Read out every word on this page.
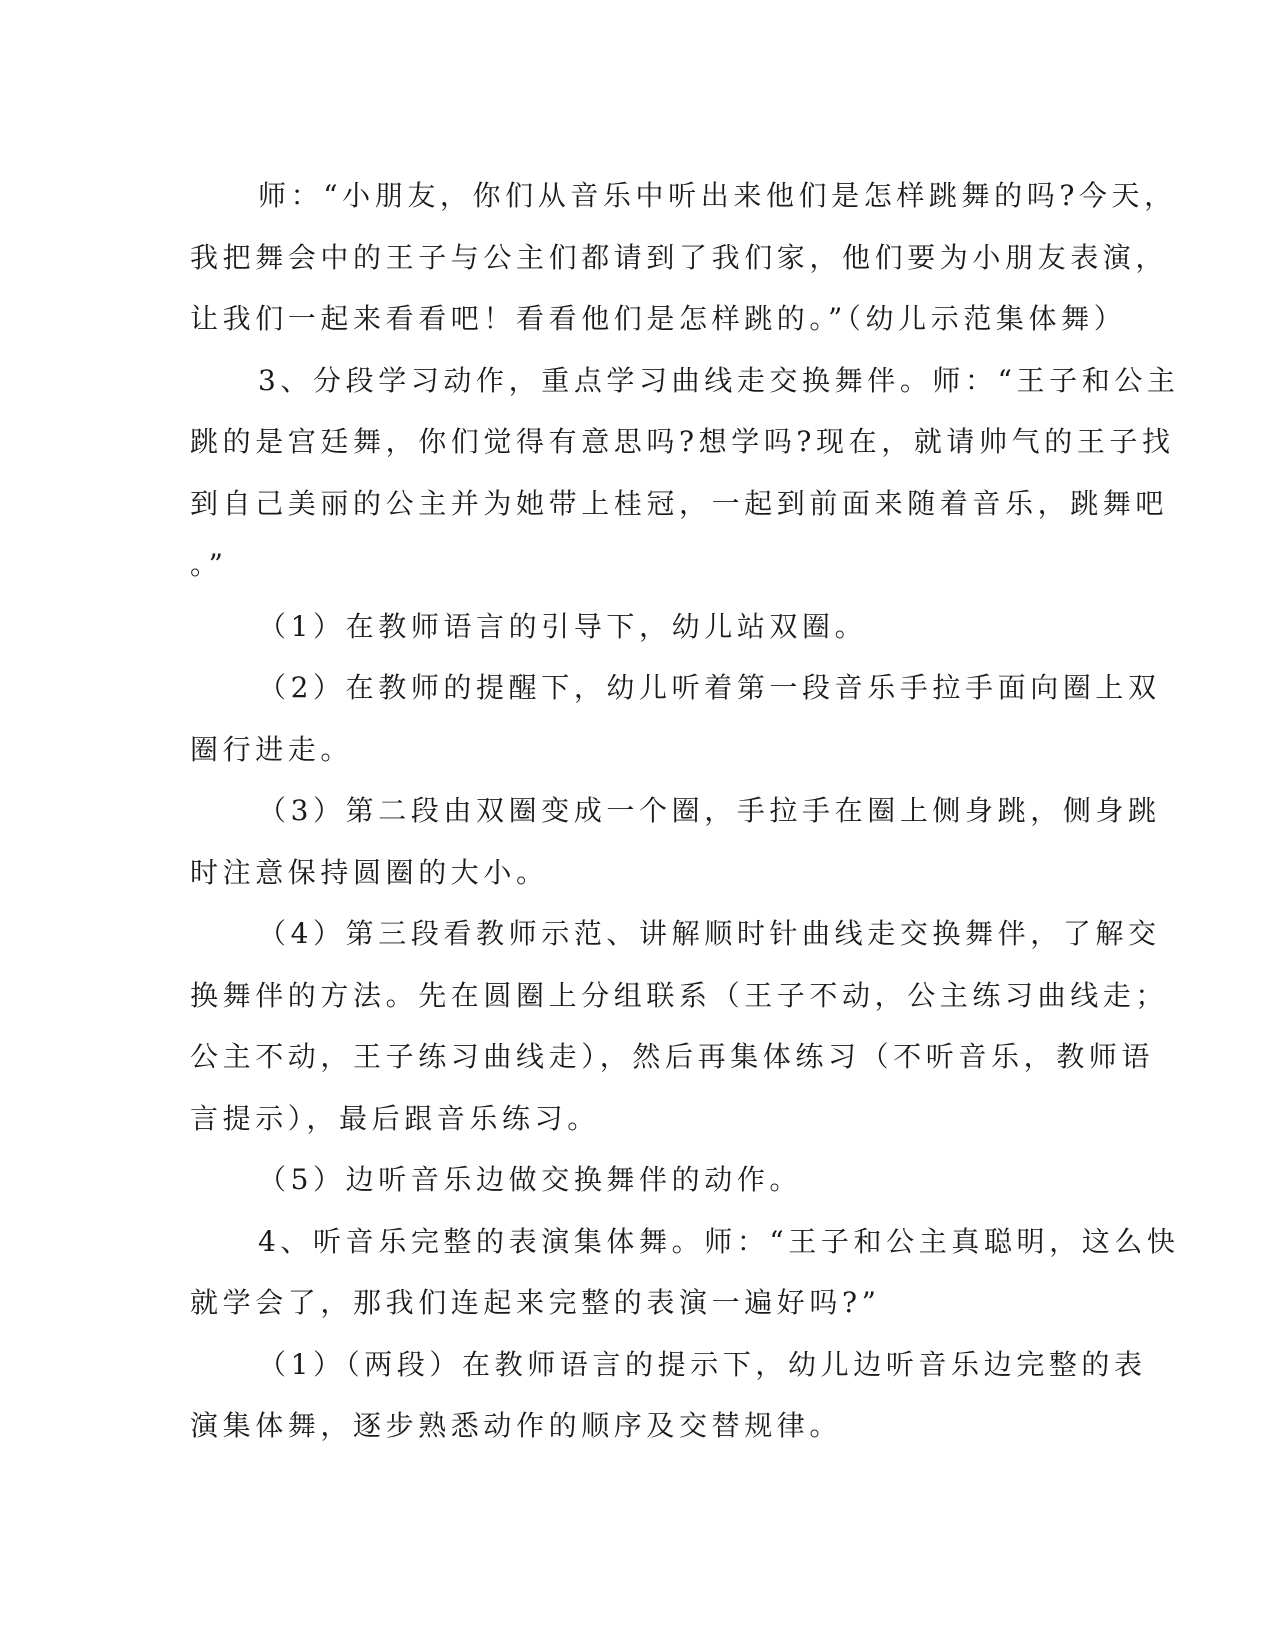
师：“小朋友，你们从音乐中听出来他们是怎样跳舞的吗?今天，
我把舞会中的王子与公主们都请到了我们家，他们要为小朋友表演，
让我们一起来看看吧！看看他们是怎样跳的。”（幼儿示范集体舞）
3、分段学习动作，重点学习曲线走交换舞伴。师：“王子和公主
跳的是宫廷舞，你们觉得有意思吗?想学吗?现在，就请帅气的王子找
到自己美丽的公主并为她带上桂冠，一起到前面来随着音乐，跳舞吧
。”
（1）在教师语言的引导下，幼儿站双圈。
（2）在教师的提醒下，幼儿听着第一段音乐手拉手面向圈上双
圈行进走。
（3）第二段由双圈变成一个圈，手拉手在圈上侧身跳，侧身跳
时注意保持圆圈的大小。
（4）第三段看教师示范、讲解顺时针曲线走交换舞伴，了解交
换舞伴的方法。先在圆圈上分组联系（王子不动，公主练习曲线走；
公主不动，王子练习曲线走），然后再集体练习（不听音乐，教师语
言提示），最后跟音乐练习。
（5）边听音乐边做交换舞伴的动作。
4、听音乐完整的表演集体舞。师：“王子和公主真聪明，这么快
就学会了，那我们连起来完整的表演一遍好吗?”
（1）（两段）在教师语言的提示下，幼儿边听音乐边完整的表
演集体舞，逐步熟悉动作的顺序及交替规律。
